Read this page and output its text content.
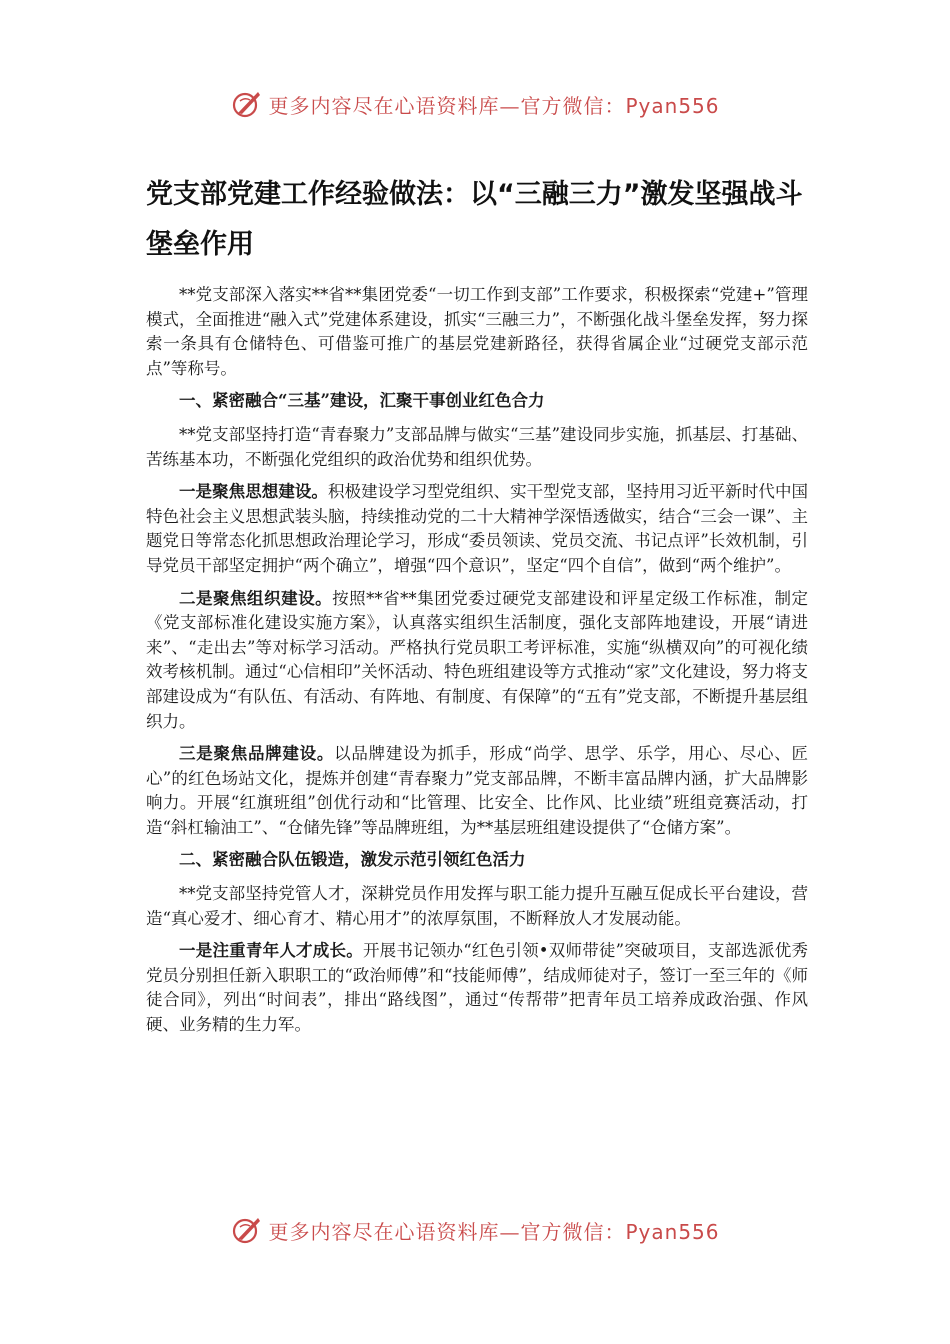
更多内容尽在心语资料库—官方微信：Pyan556
党支部党建工作经验做法：以“三融三力”激发坚强战斗堡垒作用

**党支部深入落实**省**集团党委“一切工作到支部”工作要求，积极探索“党建+”管理模式，全面推进“融入式”党建体系建设，抓实“三融三力”，不断强化战斗堡垒发挥，努力探索一条具有仓储特色、可借鉴可推广的基层党建新路径，获得省属企业“过硬党支部示范点”等称号。

一、紧密融合“三基”建设，汇聚干事创业红色合力

**党支部坚持打造“青春聚力”支部品牌与做实“三基”建设同步实施，抓基层、打基础、苦练基本功，不断强化党组织的政治优势和组织优势。

一是聚焦思想建设。积极建设学习型党组织、实干型党支部，坚持用习近平新时代中国特色社会主义思想武装头脑，持续推动党的二十大精神学深悟透做实，结合“三会一课”、主题党日等常态化抓思想政治理论学习，形成“委员领读、党员交流、书记点评”长效机制，引导党员干部坚定拥护“两个确立”，增强“四个意识”，坚定“四个自信”，做到“两个维护”。

二是聚焦组织建设。按照**省**集团党委过硬党支部建设和评星定级工作标准，制定《党支部标准化建设实施方案》，认真落实组织生活制度，强化支部阵地建设，开展“请进来”、“走出去”等对标学习活动。严格执行党员职工考评标准，实施“纵横双向”的可视化绩效考核机制。通过“心信相印”关怀活动、特色班组建设等方式推动“家”文化建设，努力将支部建设成为“有队伍、有活动、有阵地、有制度、有保障”的“五有”党支部，不断提升基层组织力。

三是聚焦品牌建设。以品牌建设为抓手，形成“尚学、思学、乐学，用心、尽心、匠心”的红色场站文化，提炼并创建“青春聚力”党支部品牌，不断丰富品牌内涵，扩大品牌影响力。开展“红旗班组”创优行动和“比管理、比安全、比作风、比业绩”班组竞赛活动，打造“斜杠输油工”、“仓储先锋”等品牌班组，为**基层班组建设提供了“仓储方案”。

二、紧密融合队伍锻造，激发示范引领红色活力

**党支部坚持党管人才，深耕党员作用发挥与职工能力提升互融互促成长平台建设，营造“真心爱才、细心育才、精心用才”的浓厚氛围，不断释放人才发展动能。

一是注重青年人才成长。开展书记领办“红色引领•双师带徒”突破项目，支部选派优秀党员分别担任新入职职工的“政治师傅”和“技能师傅”，结成师徒对子，签订一至三年的《师徒合同》，列出“时间表”，排出“路线图”，通过“传帮带”把青年员工培养成政治强、作风硬、业务精的生力军。

更多内容尽在心语资料库—官方微信：Pyan556
